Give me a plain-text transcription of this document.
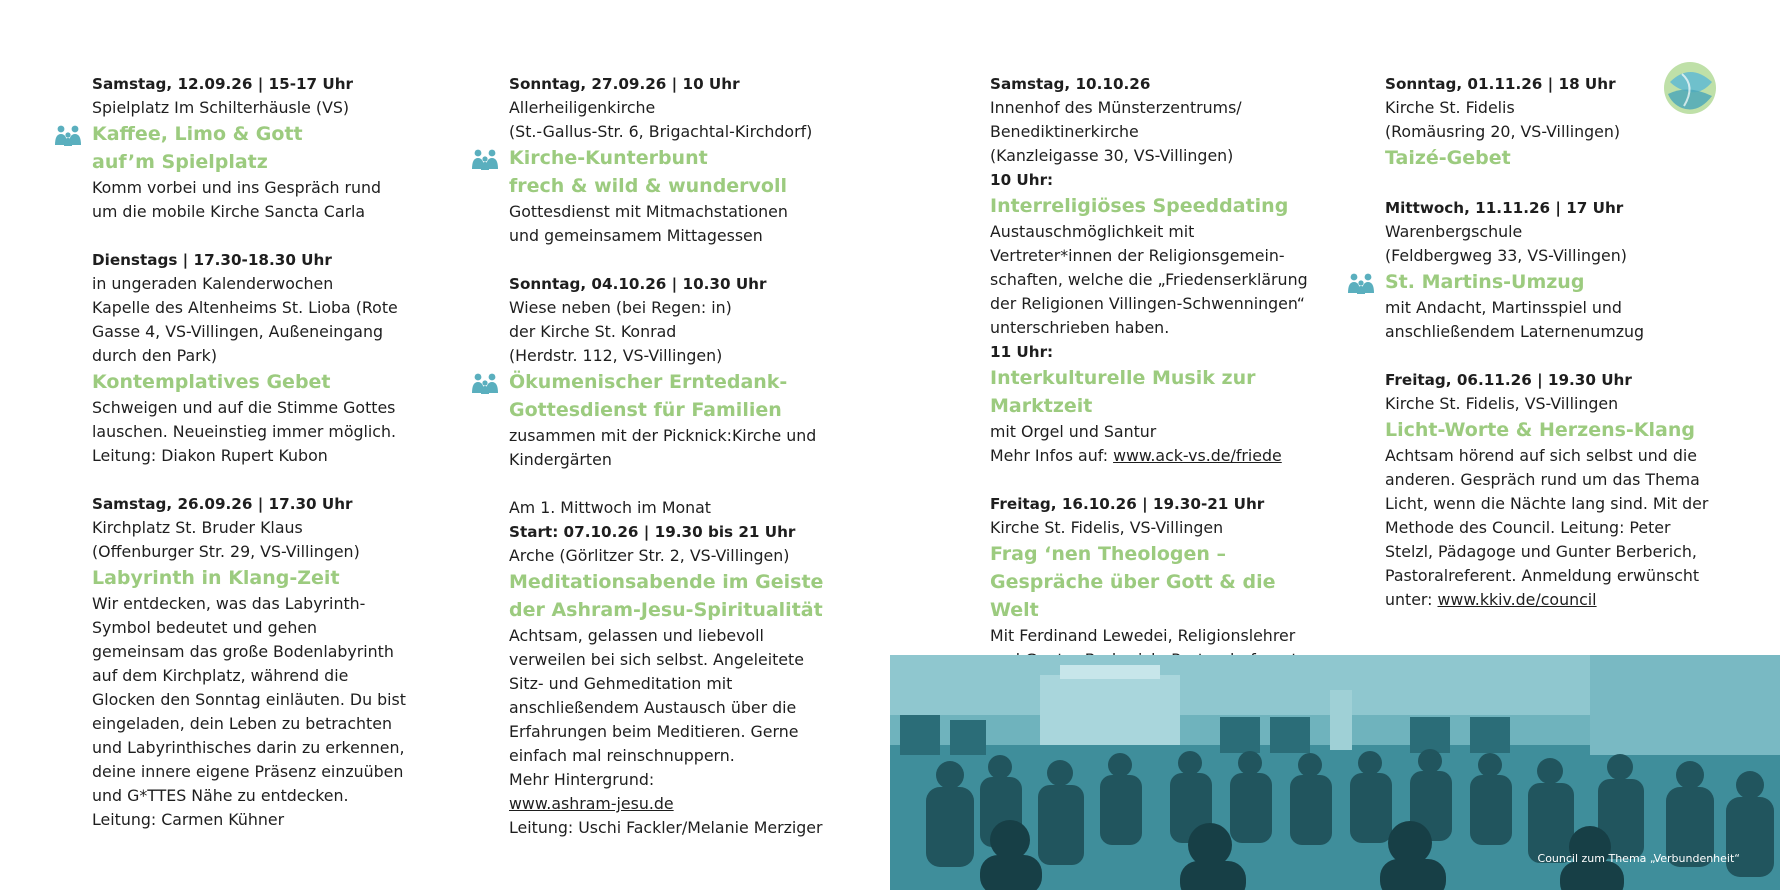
Samstag, 12.09.26 | 15-17 Uhr

Spielplatz Im Schilterhäusle (VS)

Kaffee, Limo & Gott

auf’m Spielplatz

Komm vorbei und ins Gespräch rund

um die mobile Kirche Sancta Carla

Dienstags | 17.30-18.30 Uhr

in ungeraden Kalenderwochen

Kapelle des Altenheims St. Lioba (Rote

Gasse 4, VS-Villingen, Außeneingang

durch den Park)

Kontemplatives Gebet

Schweigen und auf die Stimme Gottes

lauschen. Neueinstieg immer möglich.

Leitung: Diakon Rupert Kubon

Samstag, 26.09.26 | 17.30 Uhr

Kirchplatz St. Bruder Klaus

(Offenburger Str. 29, VS-Villingen)

Labyrinth in Klang-Zeit

Wir entdecken, was das Labyrinth-

Symbol bedeutet und gehen

gemeinsam das große Bodenlabyrinth

auf dem Kirchplatz, während die

Glocken den Sonntag einläuten. Du bist

eingeladen, dein Leben zu betrachten

und Labyrinthisches darin zu erkennen,

deine innere eigene Präsenz einzuüben

und G*TTES Nähe zu entdecken.

Leitung: Carmen Kühner

Sonntag, 27.09.26 | 10 Uhr

Allerheiligenkirche

(St.-Gallus-Str. 6, Brigachtal-Kirchdorf)

Kirche-Kunterbunt

frech & wild & wundervoll

Gottesdienst mit Mitmachstationen

und gemeinsamem Mittagessen

Sonntag, 04.10.26 | 10.30 Uhr

Wiese neben (bei Regen: in)

der Kirche St. Konrad

(Herdstr. 112, VS-Villingen)

Ökumenischer Erntedank-

Gottesdienst für Familien

zusammen mit der Picknick:Kirche und

Kindergärten

Am 1. Mittwoch im Monat

Start: 07.10.26 | 19.30 bis 21 Uhr

Arche (Görlitzer Str. 2, VS-Villingen)

Meditationsabende im Geiste

der Ashram-Jesu-Spiritualität

Achtsam, gelassen und liebevoll

verweilen bei sich selbst. Angeleitete

Sitz- und Gehmeditation mit

anschließendem Austausch über die

Erfahrungen beim Meditieren. Gerne

einfach mal reinschnuppern.

Mehr Hintergrund:

www.ashram-jesu.de

Leitung: Uschi Fackler/Melanie Merziger

Samstag, 10.10.26

Innenhof des Münsterzentrums/

Benediktinerkirche

(Kanzleigasse 30, VS-Villingen)

10 Uhr:

Interreligiöses Speeddating

Austauschmöglichkeit mit

Vertreter*innen der Religionsgemein-

schaften, welche die „Friedenserklärung

der Religionen Villingen-Schwenningen“

unterschrieben haben.

11 Uhr:

Interkulturelle Musik zur Marktzeit

mit Orgel und Santur

Mehr Infos auf: www.ack-vs.de/friede

Freitag, 16.10.26 | 19.30-21 Uhr

Kirche St. Fidelis, VS-Villingen

Frag ‘nen Theologen –

Gespräche über Gott & die Welt

Mit Ferdinand Lewedei, Religionslehrer

Sonntag, 01.11.26 | 18 Uhr

Kirche St. Fidelis

(Romäusring 20, VS-Villingen)

Taizé-Gebet

Mittwoch, 11.11.26 | 17 Uhr

Warenbergschule

(Feldbergweg 33, VS-Villingen)

St. Martins-Umzug

mit Andacht, Martinsspiel und

anschließendem Laternenumzug

Freitag, 06.11.26 | 19.30 Uhr

Kirche St. Fidelis, VS-Villingen

Licht-Worte & Herzens-Klang

Achtsam hörend auf sich selbst und die

anderen. Gespräch rund um das Thema

Licht, wenn die Nächte lang sind. Mit der

Methode des Council. Leitung: Peter

Stelzl, Pädagoge und Gunter Berberich,

Pastoralreferent. Anmeldung erwünscht

unter: www.kkiv.de/council

Council zum Thema „Verbundenheit“
